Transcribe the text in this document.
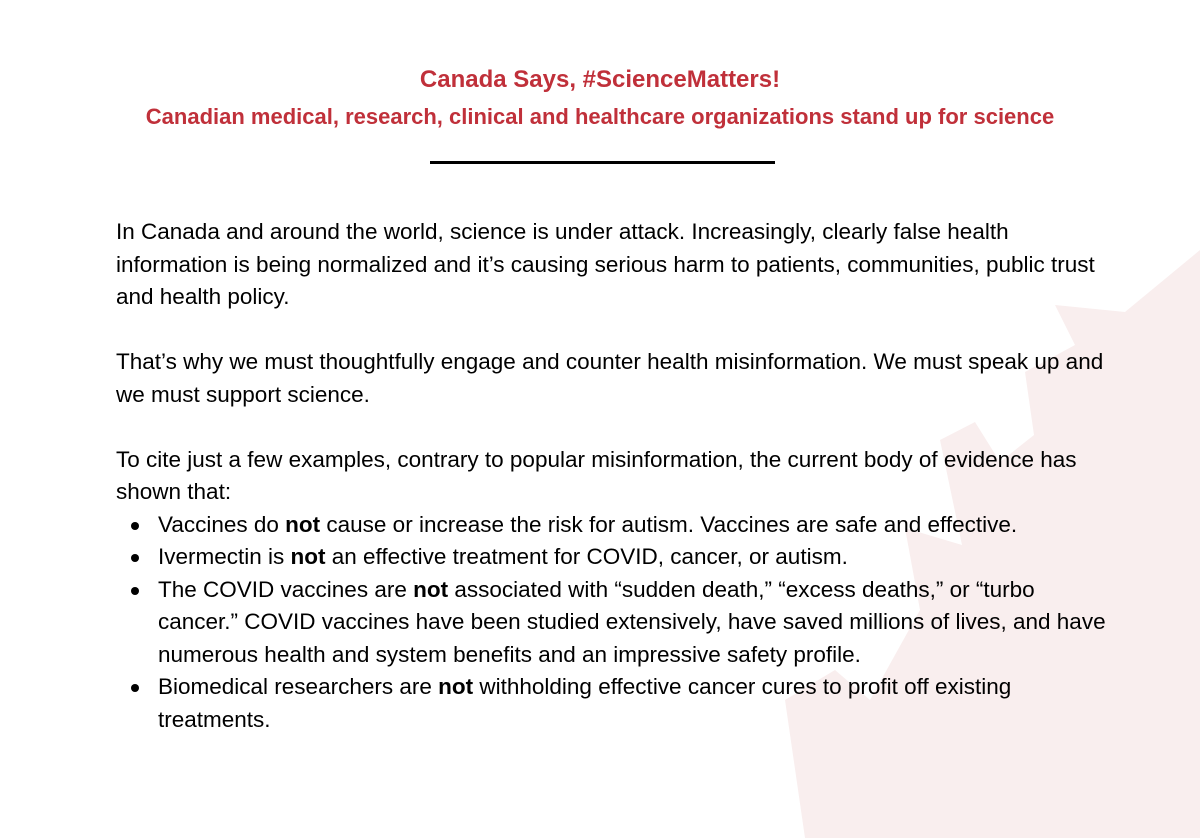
Canada Says, #ScienceMatters!
Canadian medical, research, clinical and healthcare organizations stand up for science

In Canada and around the world, science is under attack. Increasingly, clearly false health information is being normalized and it’s causing serious harm to patients, communities, public trust and health policy.

That’s why we must thoughtfully engage and counter health misinformation. We must speak up and we must support science.

To cite just a few examples, contrary to popular misinformation, the current body of evidence has shown that:

Vaccines do not cause or increase the risk for autism. Vaccines are safe and effective.
Ivermectin is not an effective treatment for COVID, cancer, or autism.
The COVID vaccines are not associated with “sudden death,” “excess deaths,” or “turbo cancer.” COVID vaccines have been studied extensively, have saved millions of lives, and have numerous health and system benefits and an impressive safety profile.
Biomedical researchers are not withholding effective cancer cures to profit off existing treatments.
